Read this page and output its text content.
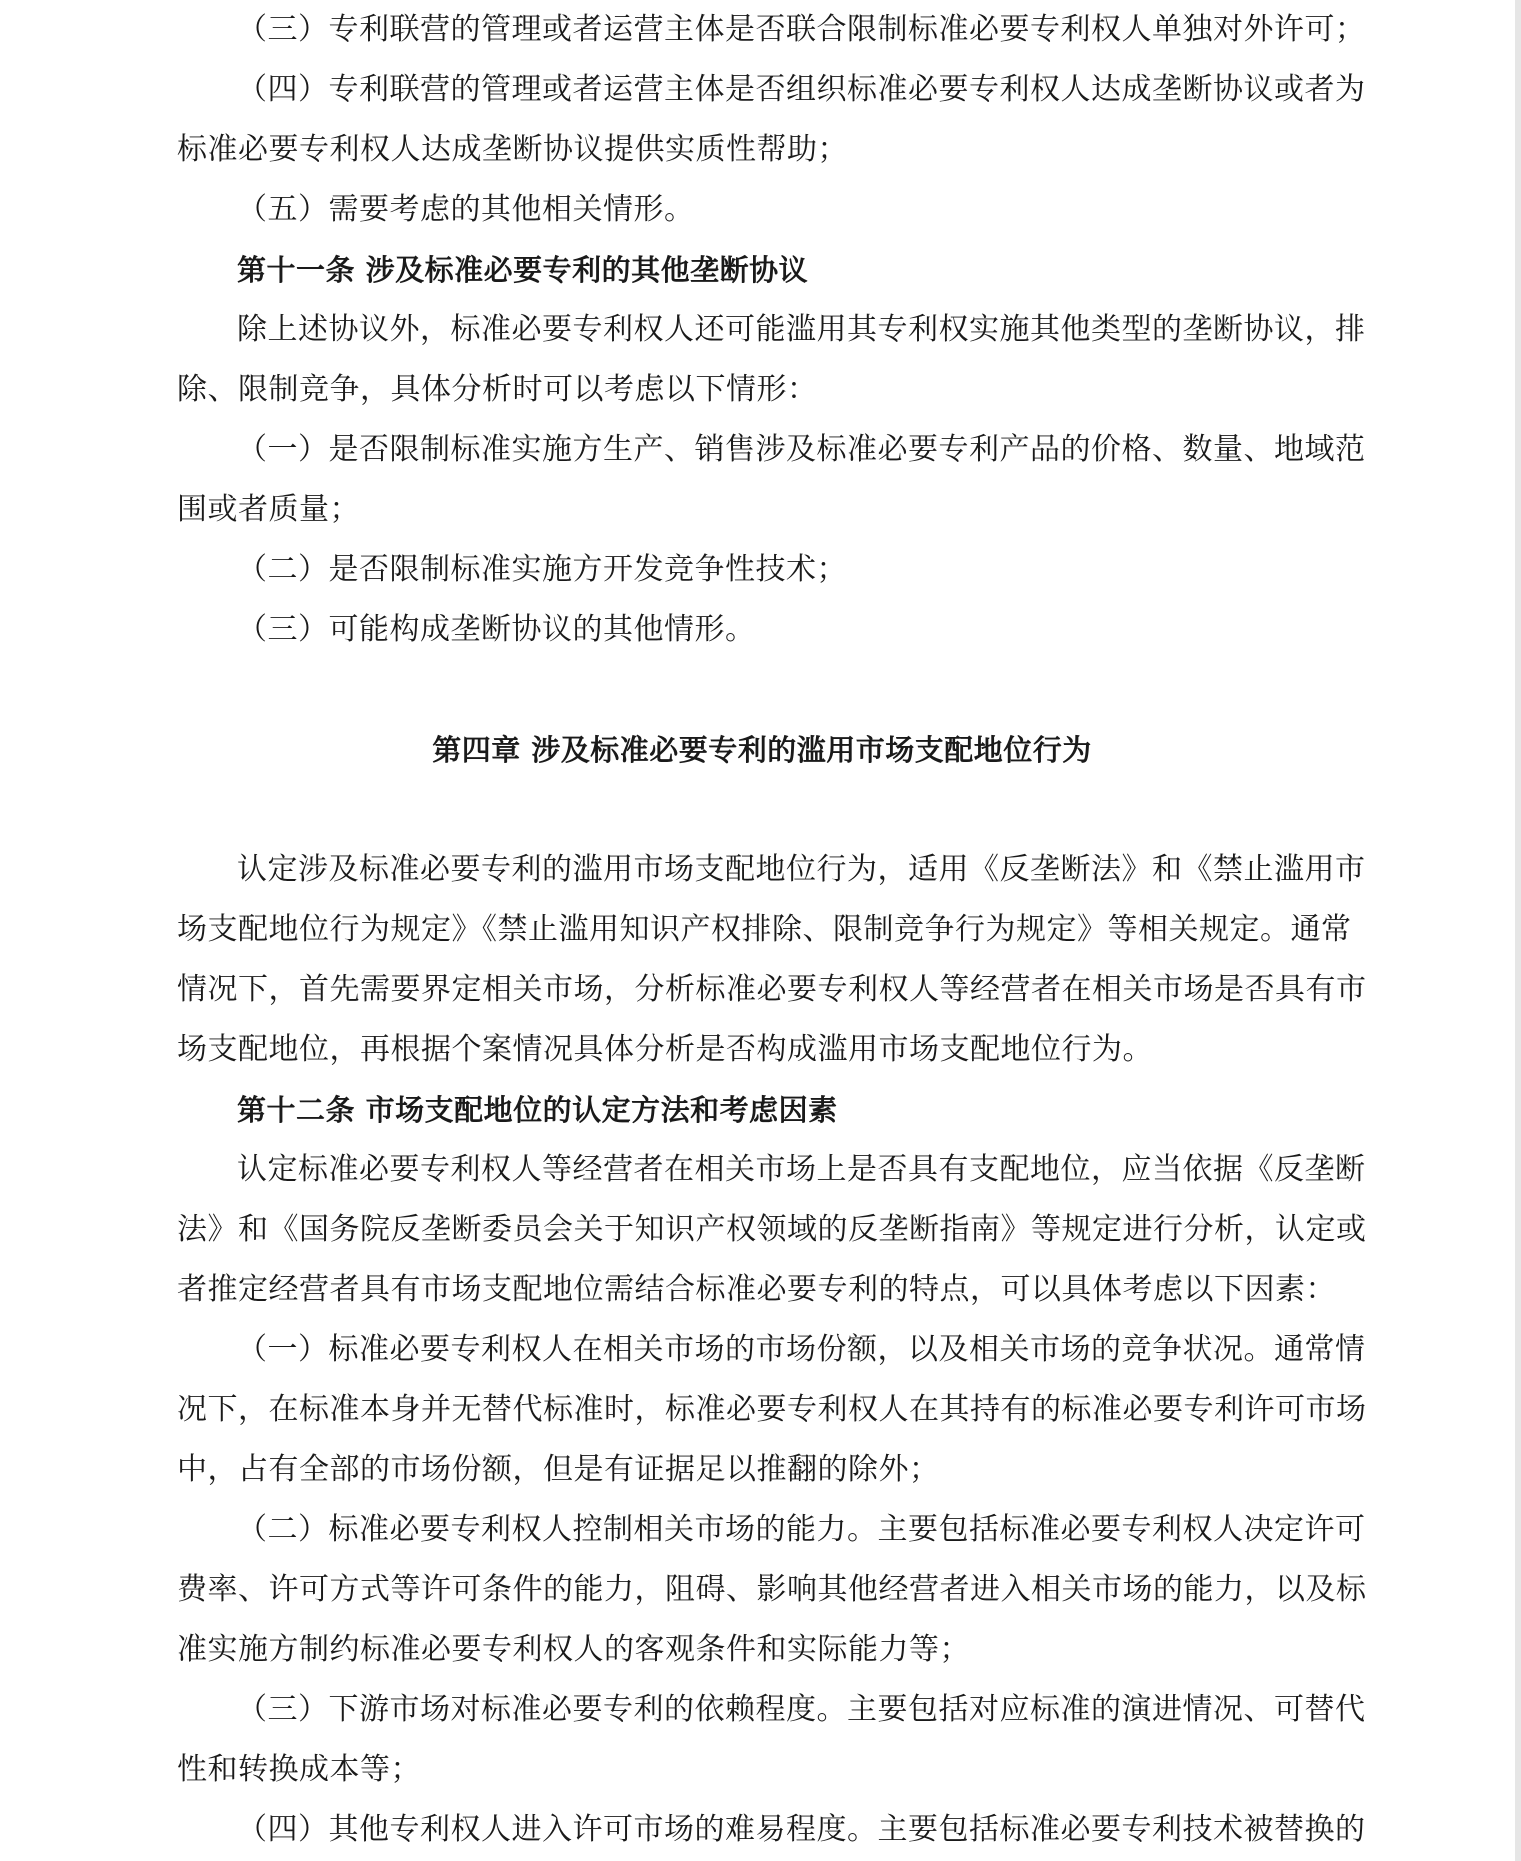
（三）专利联营的管理或者运营主体是否联合限制标准必要专利权人单独对外许可；

（四）专利联营的管理或者运营主体是否组织标准必要专利权人达成垄断协议或者为

标准必要专利权人达成垄断协议提供实质性帮助；

（五）需要考虑的其他相关情形。

第十一条 涉及标准必要专利的其他垄断协议

除上述协议外，标准必要专利权人还可能滥用其专利权实施其他类型的垄断协议，排

除、限制竞争，具体分析时可以考虑以下情形：

（一）是否限制标准实施方生产、销售涉及标准必要专利产品的价格、数量、地域范

围或者质量；

（二）是否限制标准实施方开发竞争性技术；

（三）可能构成垄断协议的其他情形。

第四章 涉及标准必要专利的滥用市场支配地位行为

认定涉及标准必要专利的滥用市场支配地位行为，适用《反垄断法》和《禁止滥用市

场支配地位行为规定》《禁止滥用知识产权排除、限制竞争行为规定》等相关规定。通常

情况下，首先需要界定相关市场，分析标准必要专利权人等经营者在相关市场是否具有市

场支配地位，再根据个案情况具体分析是否构成滥用市场支配地位行为。

第十二条 市场支配地位的认定方法和考虑因素

认定标准必要专利权人等经营者在相关市场上是否具有支配地位，应当依据《反垄断

法》和《国务院反垄断委员会关于知识产权领域的反垄断指南》等规定进行分析，认定或

者推定经营者具有市场支配地位需结合标准必要专利的特点，可以具体考虑以下因素：

（一）标准必要专利权人在相关市场的市场份额，以及相关市场的竞争状况。通常情

况下，在标准本身并无替代标准时，标准必要专利权人在其持有的标准必要专利许可市场

中，占有全部的市场份额，但是有证据足以推翻的除外；

（二）标准必要专利权人控制相关市场的能力。主要包括标准必要专利权人决定许可

费率、许可方式等许可条件的能力，阻碍、影响其他经营者进入相关市场的能力，以及标

准实施方制约标准必要专利权人的客观条件和实际能力等；

（三）下游市场对标准必要专利的依赖程度。主要包括对应标准的演进情况、可替代

性和转换成本等；

（四）其他专利权人进入许可市场的难易程度。主要包括标准必要专利技术被替换的
